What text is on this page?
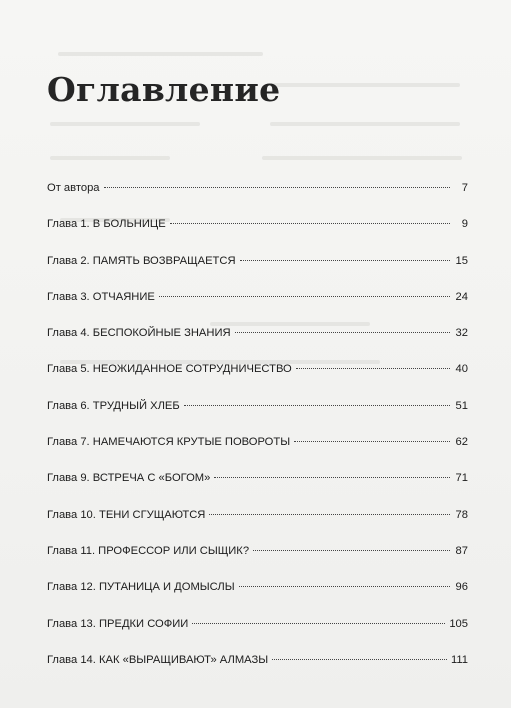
Оглавление
От автора	7
Глава 1. В БОЛЬНИЦЕ	9
Глава 2. ПАМЯТЬ ВОЗВРАЩАЕТСЯ	15
Глава 3. ОТЧАЯНИЕ	24
Глава 4. БЕСПОКОЙНЫЕ ЗНАНИЯ	32
Глава 5. НЕОЖИДАННОЕ СОТРУДНИЧЕСТВО	40
Глава 6. ТРУДНЫЙ ХЛЕБ	51
Глава 7. НАМЕЧАЮТСЯ КРУТЫЕ ПОВОРОТЫ	62
Глава 9. ВСТРЕЧА С «БОГОМ»	71
Глава 10. ТЕНИ СГУЩАЮТСЯ	78
Глава 11. ПРОФЕССОР ИЛИ СЫЩИК?	87
Глава 12. ПУТАНИЦА И ДОМЫСЛЫ	96
Глава 13. ПРЕДКИ СОФИИ	105
Глава 14. КАК «ВЫРАЩИВАЮТ» АЛМАЗЫ	111
